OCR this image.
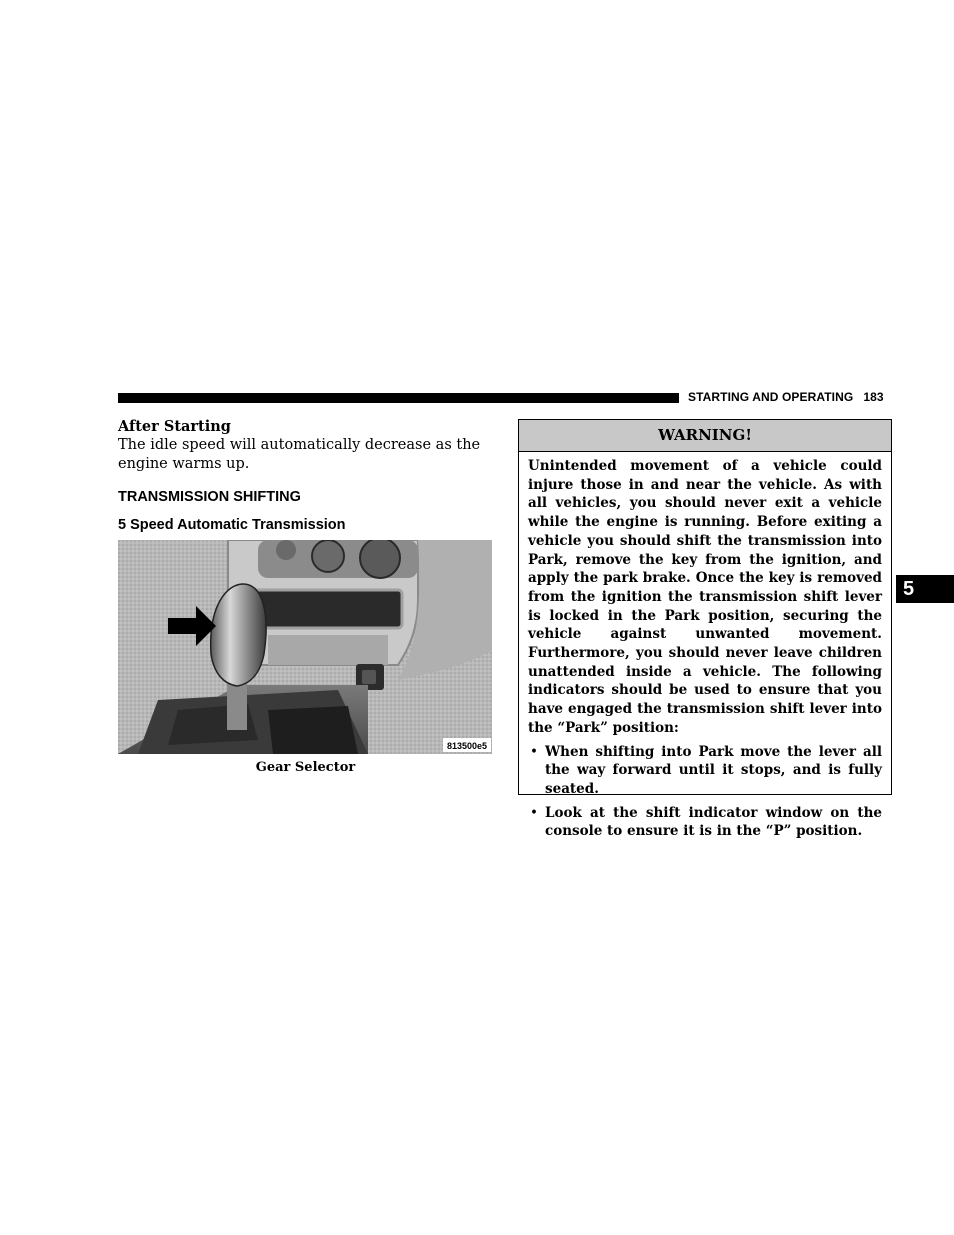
STARTING AND OPERATING 183
5

After Starting

The idle speed will automatically decrease as the engine warms up.

TRANSMISSION SHIFTING
5 Speed Automatic Transmission
813500e5
Gear Selector
WARNING!

Unintended movement of a vehicle could injure those in and near the vehicle. As with all vehicles, you should never exit a vehicle while the engine is running. Before exiting a vehicle you should shift the transmission into Park, remove the key from the ignition, and apply the park brake. Once the key is removed from the ignition the transmission shift lever is locked in the Park position, securing the vehicle against unwanted movement. Furthermore, you should never leave children unattended inside a vehicle. The following indicators should be used to ensure that you have engaged the transmission shift lever into the “Park” position:

• When shifting into Park move the lever all the way forward until it stops, and is fully seated.
• Look at the shift indicator window on the console to ensure it is in the “P” position.
